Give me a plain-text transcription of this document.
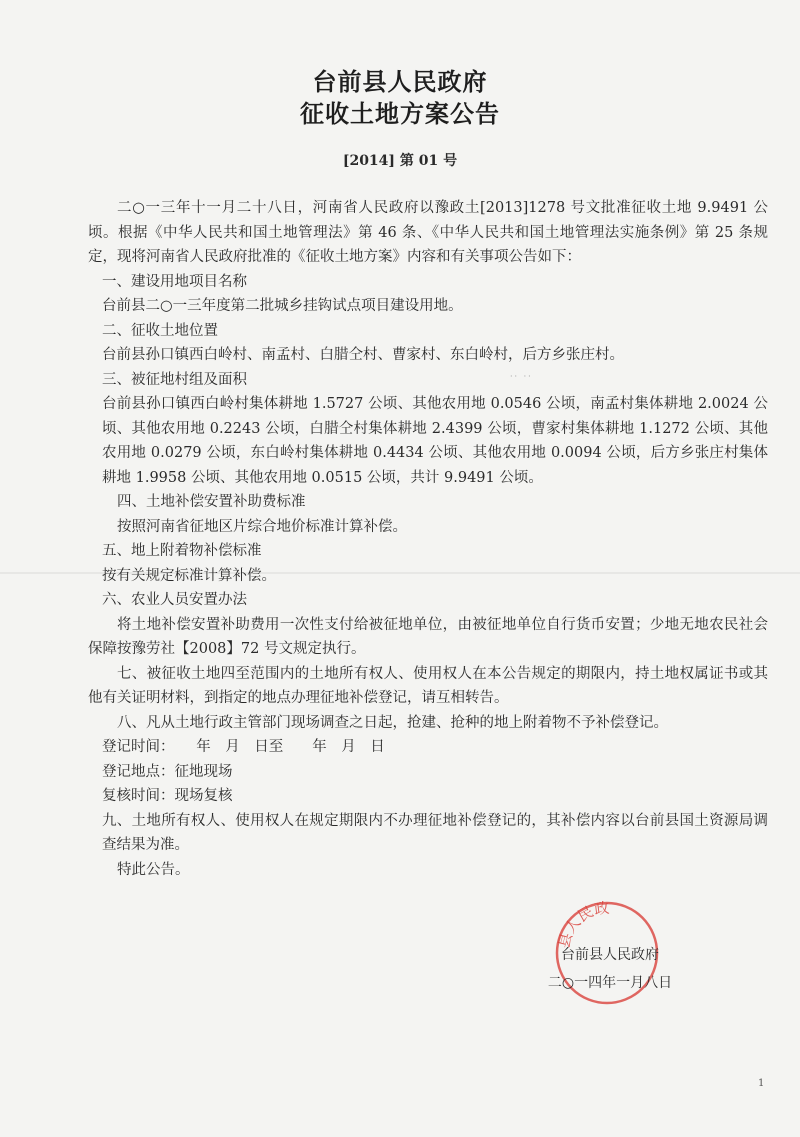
台前县人民政府
征收土地方案公告
[2014] 第 01 号

二○一三年十一月二十八日，河南省人民政府以豫政土[2013]1278 号文批准征收土地 9.9491 公顷。根据《中华人民共和国土地管理法》第 46 条、《中华人民共和国土地管理法实施条例》第 25 条规定，现将河南省人民政府批准的《征收土地方案》内容和有关事项公告如下：

一、建设用地项目名称

台前县二○一三年度第二批城乡挂钩试点项目建设用地。

二、征收土地位置

台前县孙口镇西白岭村、南孟村、白腊仝村、曹家村、东白岭村，后方乡张庄村。

三、被征地村组及面积

台前县孙口镇西白岭村集体耕地 1.5727 公顷、其他农用地 0.0546 公顷，南孟村集体耕地 2.0024 公顷、其他农用地 0.2243 公顷，白腊仝村集体耕地 2.4399 公顷，曹家村集体耕地 1.1272 公顷、其他农用地 0.0279 公顷，东白岭村集体耕地 0.4434 公顷、其他农用地 0.0094 公顷，后方乡张庄村集体耕地 1.9958 公顷、其他农用地 0.0515 公顷，共计 9.9491 公顷。

四、土地补偿安置补助费标准

按照河南省征地区片综合地价标准计算补偿。

五、地上附着物补偿标准

按有关规定标准计算补偿。

六、农业人员安置办法

将土地补偿安置补助费用一次性支付给被征地单位，由被征地单位自行货币安置；少地无地农民社会保障按豫劳社【2008】72 号文规定执行。

七、被征收土地四至范围内的土地所有权人、使用权人在本公告规定的期限内，持土地权属证书或其他有关证明材料，到指定的地点办理征地补偿登记，请互相转告。

八、凡从土地行政主管部门现场调查之日起，抢建、抢种的地上附着物不予补偿登记。

登记时间：　　年　月　日至　　年　月　日

登记地点：征地现场

复核时间：现场复核

九、土地所有权人、使用权人在规定期限内不办理征地补偿登记的，其补偿内容以台前县国土资源局调查结果为准。

特此公告。

·· ··
县人民政
台前县人民政府
二○一四年一月八日
1
